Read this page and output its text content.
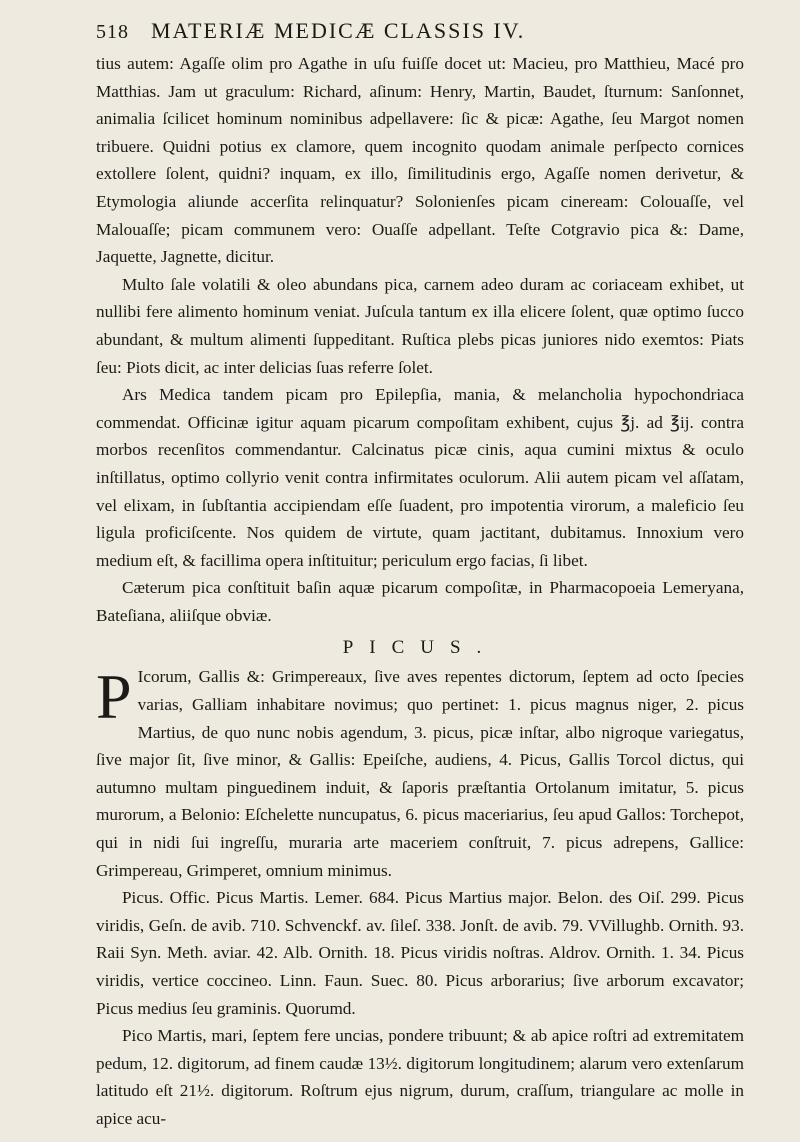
518 MATERIÆ MEDICÆ CLASSIS IV.

tius autem: Agaſſe olim pro Agathe in uſu fuiſſe docet ut: Macieu, pro Matthieu, Macé pro Matthias. Jam ut graculum: Richard, aſinum: Henry, Martin, Baudet, ſturnum: Sanſonnet, animalia ſcilicet hominum nominibus adpellavere: ſic & picæ: Agathe, ſeu Margot nomen tribuere. Quidni potius ex clamore, quem incognito quodam animale perſpecto cornices extollere ſolent, quidni? inquam, ex illo, ſimilitudinis ergo, Agaſſe nomen derivetur, & Etymologia aliunde accerſita relinquatur? Solonienſes picam cineream: Colouaſſe, vel Malouaſſe; picam communem vero: Ouaſſe adpellant. Teſte Cotgravio pica &: Dame, Jaquette, Jagnette, dicitur.

Multo ſale volatili & oleo abundans pica, carnem adeo duram ac coriaceam exhibet, ut nullibi fere alimento hominum veniat. Juſcula tantum ex illa elicere ſolent, quæ optimo ſucco abundant, & multum alimenti ſuppeditant. Ruſtica plebs picas juniores nido exemtos: Piats ſeu: Piots dicit, ac inter delicias ſuas referre ſolet.

Ars Medica tandem picam pro Epilepſia, mania, & melancholia hypochondriaca commendat. Officinæ igitur aquam picarum compoſitam exhibent, cujus ℥j. ad ℥ij. contra morbos recenſitos commendantur. Calcinatus picæ cinis, aqua cumini mixtus & oculo inſtillatus, optimo collyrio venit contra infirmitates oculorum. Alii autem picam vel aſſatam, vel elixam, in ſubſtantia accipiendam eſſe ſuadent, pro impotentia virorum, a maleficio ſeu ligula proficiſcente. Nos quidem de virtute, quam jactitant, dubitamus. Innoxium vero medium eſt, & facillima opera inſtituitur; periculum ergo facias, ſi libet.

Cæterum pica conſtituit baſin aquæ picarum compoſitæ, in Pharmacopoeia Lemeryana, Bateſiana, aliiſque obviæ.

PICUS.

P Icorum, Gallis &: Grimpereaux, ſive aves repentes dictorum, ſeptem ad octo ſpecies varias, Galliam inhabitare novimus; quo pertinet: 1. picus magnus niger, 2. picus Martius, de quo nunc nobis agendum, 3. picus, picæ inſtar, albo nigroque variegatus, ſive major ſit, ſive minor, & Gallis: Epeiſche, audiens, 4. Picus, Gallis Torcol dictus, qui autumno multam pinguedinem induit, & ſaporis præſtantia Ortolanum imitatur, 5. picus murorum, a Belonio: Eſchelette nuncupatus, 6. picus maceriarius, ſeu apud Gallos: Torchepot, qui in nidi ſui ingreſſu, muraria arte maceriem conſtruit, 7. picus adrepens, Gallice: Grimpereau, Grimperet, omnium minimus.

Picus. Offic. Picus Martis. Lemer. 684. Picus Martius major. Belon. des Oiſ. 299. Picus viridis, Geſn. de avib. 710. Schvenckf. av. ſileſ. 338. Jonſt. de avib. 79. VVillughb. Ornith. 93. Raii Syn. Meth. aviar. 42. Alb. Ornith. 18. Picus viridis noſtras. Aldrov. Ornith. 1. 34. Picus viridis, vertice coccineo. Linn. Faun. Suec. 80. Picus arborarius; ſive arborum excavator; Picus medius ſeu graminis. Quorumd.

Pico Martis, mari, ſeptem fere uncias, pondere tribuunt; & ab apice roſtri ad extremitatem pedum, 12. digitorum, ad finem caudæ 13½. digitorum longitudinem; alarum vero extenſarum latitudo eſt 21½. digitorum. Roſtrum ejus nigrum, durum, craſſum, triangulare ac molle in apice acu-
